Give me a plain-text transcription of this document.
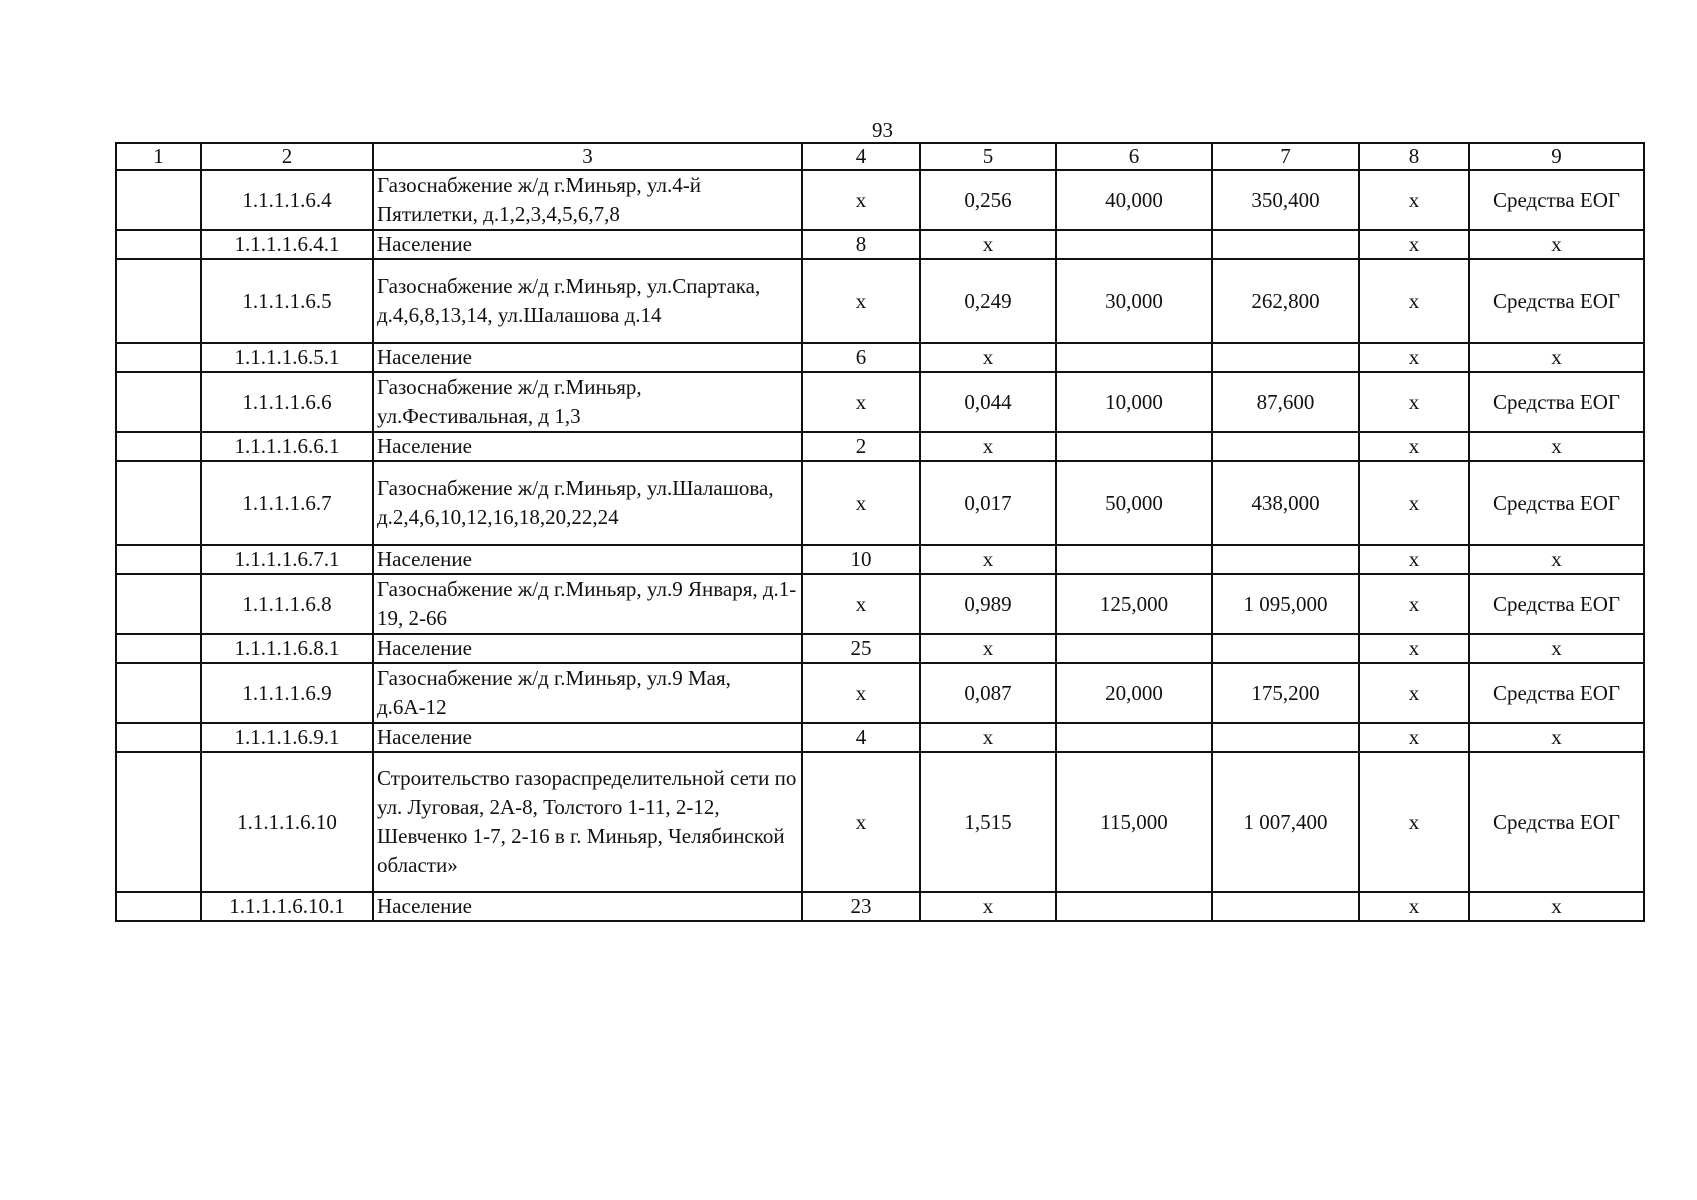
93
1	2	3	4	5	6	7	8	9
	1.1.1.1.6.4	Газоснабжение ж/д г.Миньяр, ул.4-й Пятилетки, д.1,2,3,4,5,6,7,8	х	0,256	40,000	350,400	х	Средства ЕОГ
	1.1.1.1.6.4.1	Население	8	х			х	х
	1.1.1.1.6.5	Газоснабжение ж/д г.Миньяр, ул.Спартака, д.4,6,8,13,14, ул.Шалашова д.14	х	0,249	30,000	262,800	х	Средства ЕОГ
	1.1.1.1.6.5.1	Население	6	х			х	х
	1.1.1.1.6.6	Газоснабжение ж/д г.Миньяр, ул.Фестивальная, д 1,3	х	0,044	10,000	87,600	х	Средства ЕОГ
	1.1.1.1.6.6.1	Население	2	х			х	х
	1.1.1.1.6.7	Газоснабжение ж/д г.Миньяр, ул.Шалашова, д.2,4,6,10,12,16,18,20,22,24	х	0,017	50,000	438,000	х	Средства ЕОГ
	1.1.1.1.6.7.1	Население	10	х			х	х
	1.1.1.1.6.8	Газоснабжение ж/д г.Миньяр, ул.9 Января, д.1-19, 2-66	х	0,989	125,000	1 095,000	х	Средства ЕОГ
	1.1.1.1.6.8.1	Население	25	х			х	х
	1.1.1.1.6.9	Газоснабжение ж/д г.Миньяр, ул.9 Мая, д.6А-12	х	0,087	20,000	175,200	х	Средства ЕОГ
	1.1.1.1.6.9.1	Население	4	х			х	х
	1.1.1.1.6.10	Строительство газораспределительной сети по ул. Луговая, 2А-8, Толстого 1-11, 2-12, Шевченко 1-7, 2-16 в г. Миньяр, Челябинской области»	х	1,515	115,000	1 007,400	х	Средства ЕОГ
	1.1.1.1.6.10.1	Население	23	х			х	х
